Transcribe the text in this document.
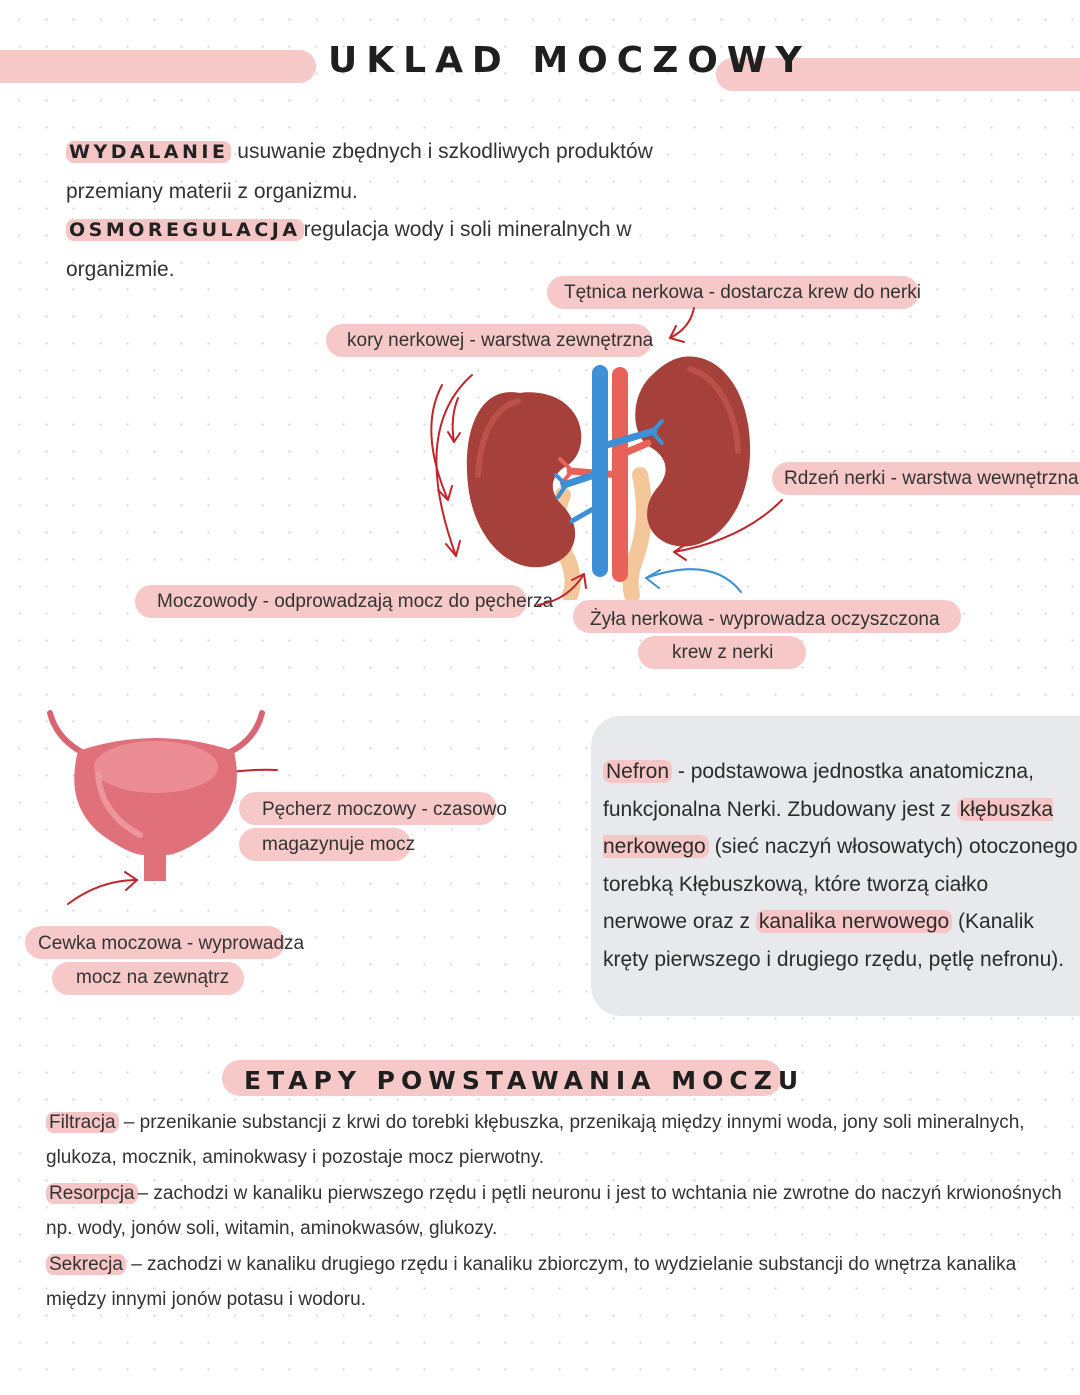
UKLAD MOCZOWY
WYDALANIE usuwanie zbędnych i szkodliwych produktów
przemiany materii z organizmu.
OSMOREGULACJA regulacja wody i soli mineralnych w
organizmie.
Tętnica nerkowa - dostarcza krew do nerki
kory nerkowej - warstwa zewnętrzna
Rdzeń nerki - warstwa wewnętrzna
Moczowody - odprowadzają mocz do pęcherza
Żyła nerkowa - wyprowadza oczyszczona
krew z nerki
Pęcherz moczowy - czasowo
magazynuje mocz
Cewka moczowa - wyprowadza
mocz na zewnątrz
Nefron - podstawowa jednostka anatomiczna, funkcjonalna Nerki. Zbudowany jest z kłębuszka nerkowego (sieć naczyń włosowatych) otoczonego torebką Kłębuszkową, które tworzą ciałko nerwowe oraz z kanalika nerwowego (Kanalik kręty pierwszego i drugiego rzędu, pętlę nefronu).
ETAPY POWSTAWANIA MOCZU
Filtracja – przenikanie substancji z krwi do torebki kłębuszka, przenikają między innymi woda, jony soli mineralnych, glukoza, mocznik, aminokwasy i pozostaje mocz pierwotny.
Resorpcja – zachodzi w kanaliku pierwszego rzędu i pętli neuronu i jest to wchtania nie zwrotne do naczyń krwionośnych np. wody, jonów soli, witamin, aminokwasów, glukozy.
Sekrecja – zachodzi w kanaliku drugiego rzędu i kanaliku zbiorczym, to wydzielanie substancji do wnętrza kanalika między innymi jonów potasu i wodoru.
